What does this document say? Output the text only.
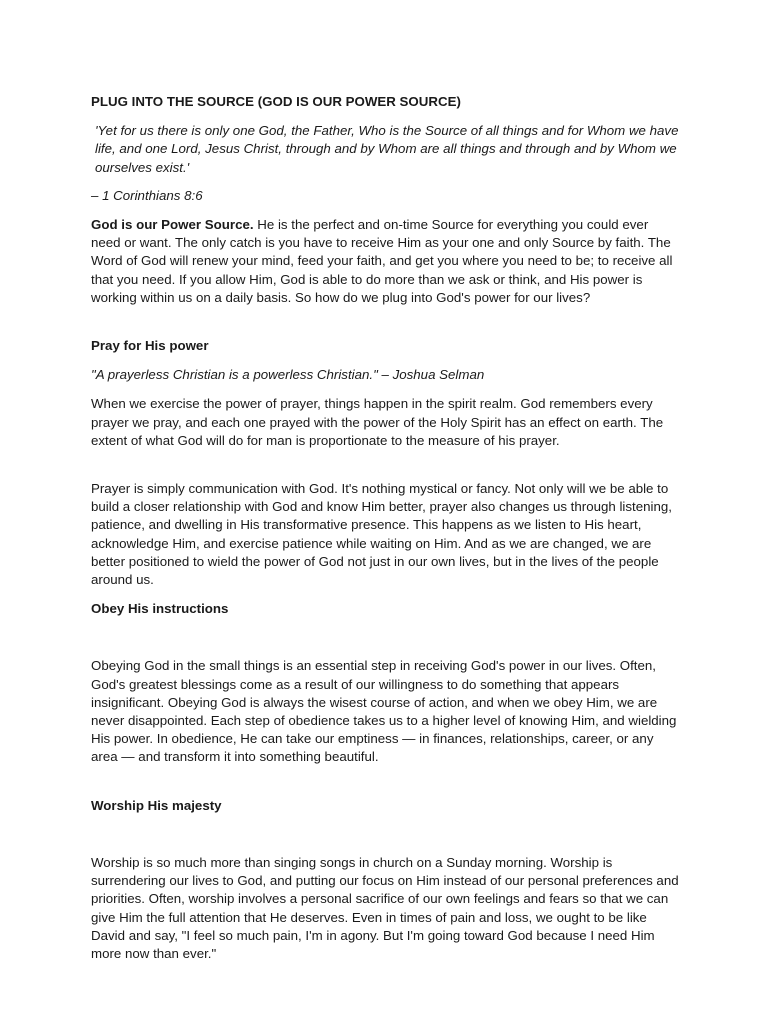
PLUG INTO THE SOURCE (GOD IS OUR POWER SOURCE)

'Yet for us there is only one God, the Father, Who is the Source of all things and for Whom we have life, and one Lord, Jesus Christ, through and by Whom are all things and through and by Whom we ourselves exist.'

– 1 Corinthians 8:6

God is our Power Source. He is the perfect and on-time Source for everything you could ever need or want. The only catch is you have to receive Him as your one and only Source by faith. The Word of God will renew your mind, feed your faith, and get you where you need to be; to receive all that you need. If you allow Him, God is able to do more than we ask or think, and His power is working within us on a daily basis. So how do we plug into God's power for our lives?

Pray for His power

"A prayerless Christian is a powerless Christian." – Joshua Selman

When we exercise the power of prayer, things happen in the spirit realm. God remembers every prayer we pray, and each one prayed with the power of the Holy Spirit has an effect on earth. The extent of what God will do for man is proportionate to the measure of his prayer.

Prayer is simply communication with God. It's nothing mystical or fancy. Not only will we be able to build a closer relationship with God and know Him better, prayer also changes us through listening, patience, and dwelling in His transformative presence. This happens as we listen to His heart, acknowledge Him, and exercise patience while waiting on Him. And as we are changed, we are better positioned to wield the power of God not just in our own lives, but in the lives of the people around us.

Obey His instructions

Obeying God in the small things is an essential step in receiving God's power in our lives. Often, God's greatest blessings come as a result of our willingness to do something that appears insignificant. Obeying God is always the wisest course of action, and when we obey Him, we are never disappointed. Each step of obedience takes us to a higher level of knowing Him, and wielding His power. In obedience, He can take our emptiness — in finances, relationships, career, or any area — and transform it into something beautiful.

Worship His majesty

Worship is so much more than singing songs in church on a Sunday morning. Worship is surrendering our lives to God, and putting our focus on Him instead of our personal preferences and priorities. Often, worship involves a personal sacrifice of our own feelings and fears so that we can give Him the full attention that He deserves. Even in times of pain and loss, we ought to be like David and say, "I feel so much pain, I'm in agony. But I'm going toward God because I need Him more now than ever."
